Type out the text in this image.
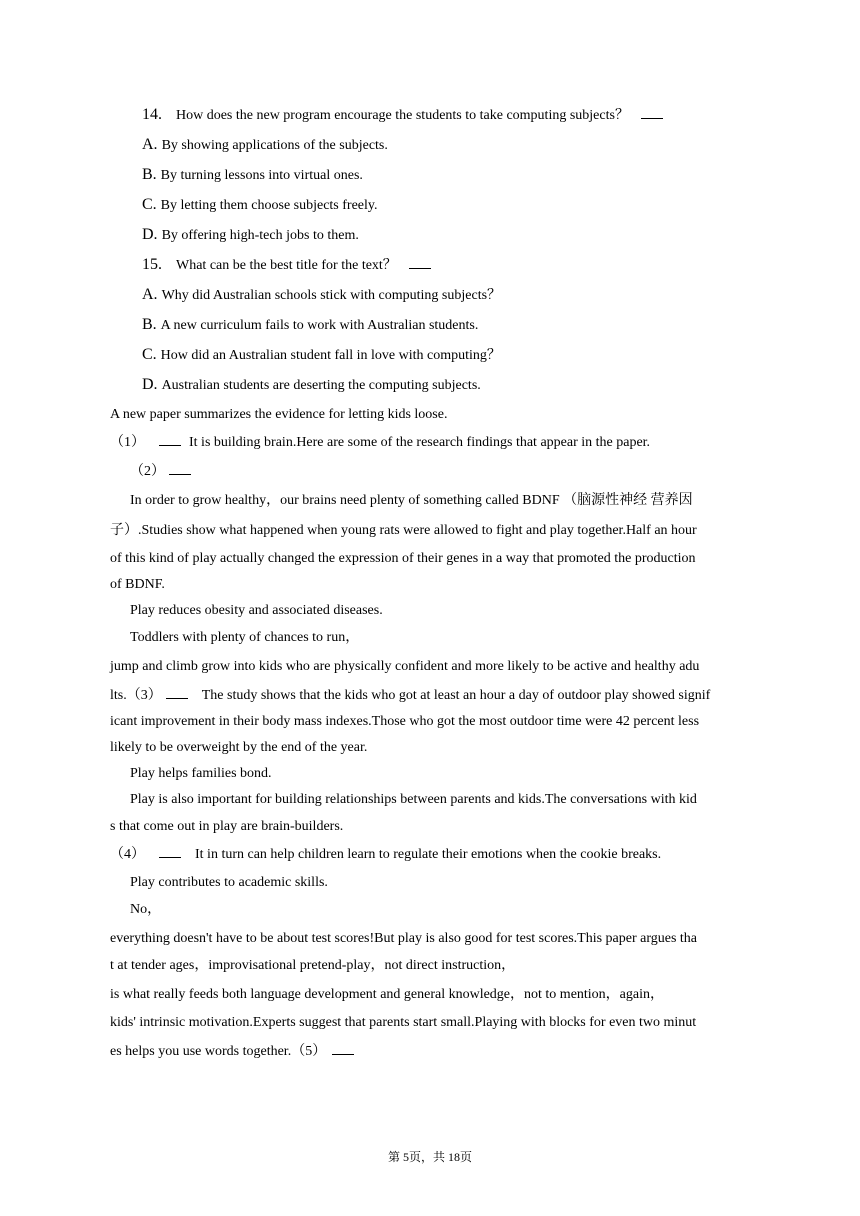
14. How does the new program encourage the students to take computing subjects？
A. By showing applications of the subjects.
B. By turning lessons into virtual ones.
C. By letting them choose subjects freely.
D. By offering high-tech jobs to them.
15. What can be the best title for the text？
A. Why did Australian schools stick with computing subjects？
B. A new curriculum fails to work with Australian students.
C. How did an Australian student fall in love with computing？
D. Australian students are deserting the computing subjects.
A new paper summarizes the evidence for letting kids loose.
（1）	It is building brain.Here are some of the research findings that appear in the paper.
（2）
In order to grow healthy，our brains need plenty of something called BDNF （脑源性神经 营养因
子）.Studies show what happened when young rats were allowed to fight and play together.Half an hour
of this kind of play actually changed the expression of their genes in a way that promoted the production
of BDNF.
Play reduces obesity and associated diseases.
Toddlers with plenty of chances to run，
jump and climb grow into kids who are physically confident and more likely to be active and healthy adu
lts.（3）	The study shows that the kids who got at least an hour a day of outdoor play showed signif
icant improvement in their body mass indexes.Those who got the most outdoor time were 42 percent less
likely to be overweight by the end of the year.
Play helps families bond.
Play is also important for building relationships between parents and kids.The conversations with kid
s that come out in play are brain-builders.
（4）	It in turn can help children learn to regulate their emotions when the cookie breaks.
Play contributes to academic skills.
No，
everything doesn't have to be about test scores!But play is also good for test scores.This paper argues tha
t at tender ages，improvisational pretend-play，not direct instruction，
is what really feeds both language development and general knowledge，not to mention，again，
kids' intrinsic motivation.Experts suggest that parents start small.Playing with blocks for even two minut
es helps you use words together.（5）
第 5页，共 18页
